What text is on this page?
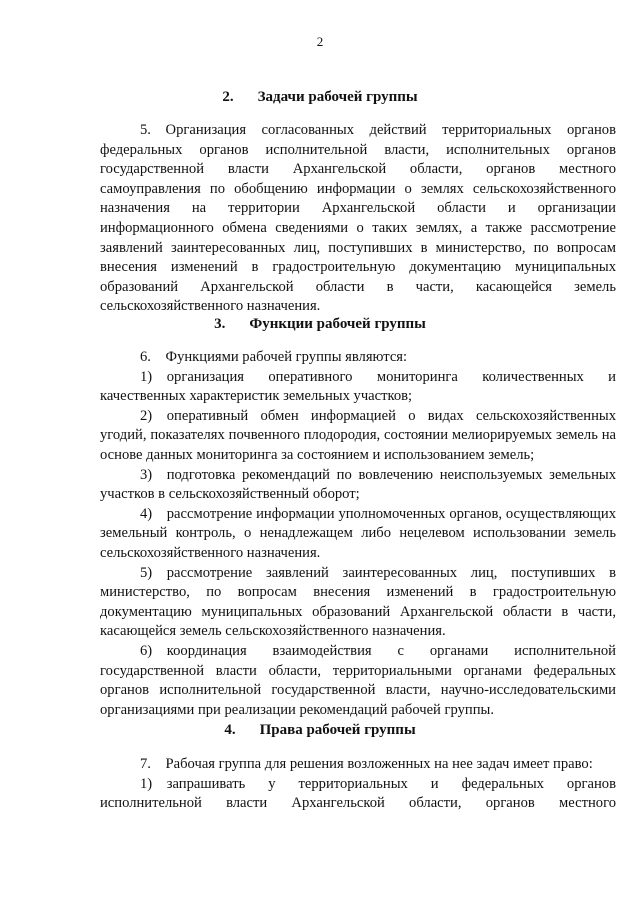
2
2. Задачи рабочей группы

5. Организация согласованных действий территориальных органов федеральных органов исполнительной власти, исполнительных органов государственной власти Архангельской области, органов местного самоуправления по обобщению информации о землях сельскохозяйственного назначения на территории Архангельской области и организации информационного обмена сведениями о таких землях, а также рассмотрение заявлений заинтересованных лиц, поступивших в министерство, по вопросам внесения изменений в градостроительную документацию муниципальных образований Архангельской области в части, касающейся земель сельскохозяйственного назначения.

3. Функции рабочей группы

6. Функциями рабочей группы являются:

1) организация оперативного мониторинга количественных и качественных характеристик земельных участков;

2) оперативный обмен информацией о видах сельскохозяйственных угодий, показателях почвенного плодородия, состоянии мелиорируемых земель на основе данных мониторинга за состоянием и использованием земель;

3) подготовка рекомендаций по вовлечению неиспользуемых земельных участков в сельскохозяйственный оборот;

4) рассмотрение информации уполномоченных органов, осуществляющих земельный контроль, о ненадлежащем либо нецелевом использовании земель сельскохозяйственного назначения.

5) рассмотрение заявлений заинтересованных лиц, поступивших в министерство, по вопросам внесения изменений в градостроительную документацию муниципальных образований Архангельской области в части, касающейся земель сельскохозяйственного назначения.

6) координация взаимодействия с органами исполнительной государственной власти области, территориальными органами федеральных органов исполнительной государственной власти, научно-исследовательскими организациями при реализации рекомендаций рабочей группы.

4. Права рабочей группы

7. Рабочая группа для решения возложенных на нее задач имеет право:

1) запрашивать у территориальных и федеральных органов исполнительной власти Архангельской области, органов местного
